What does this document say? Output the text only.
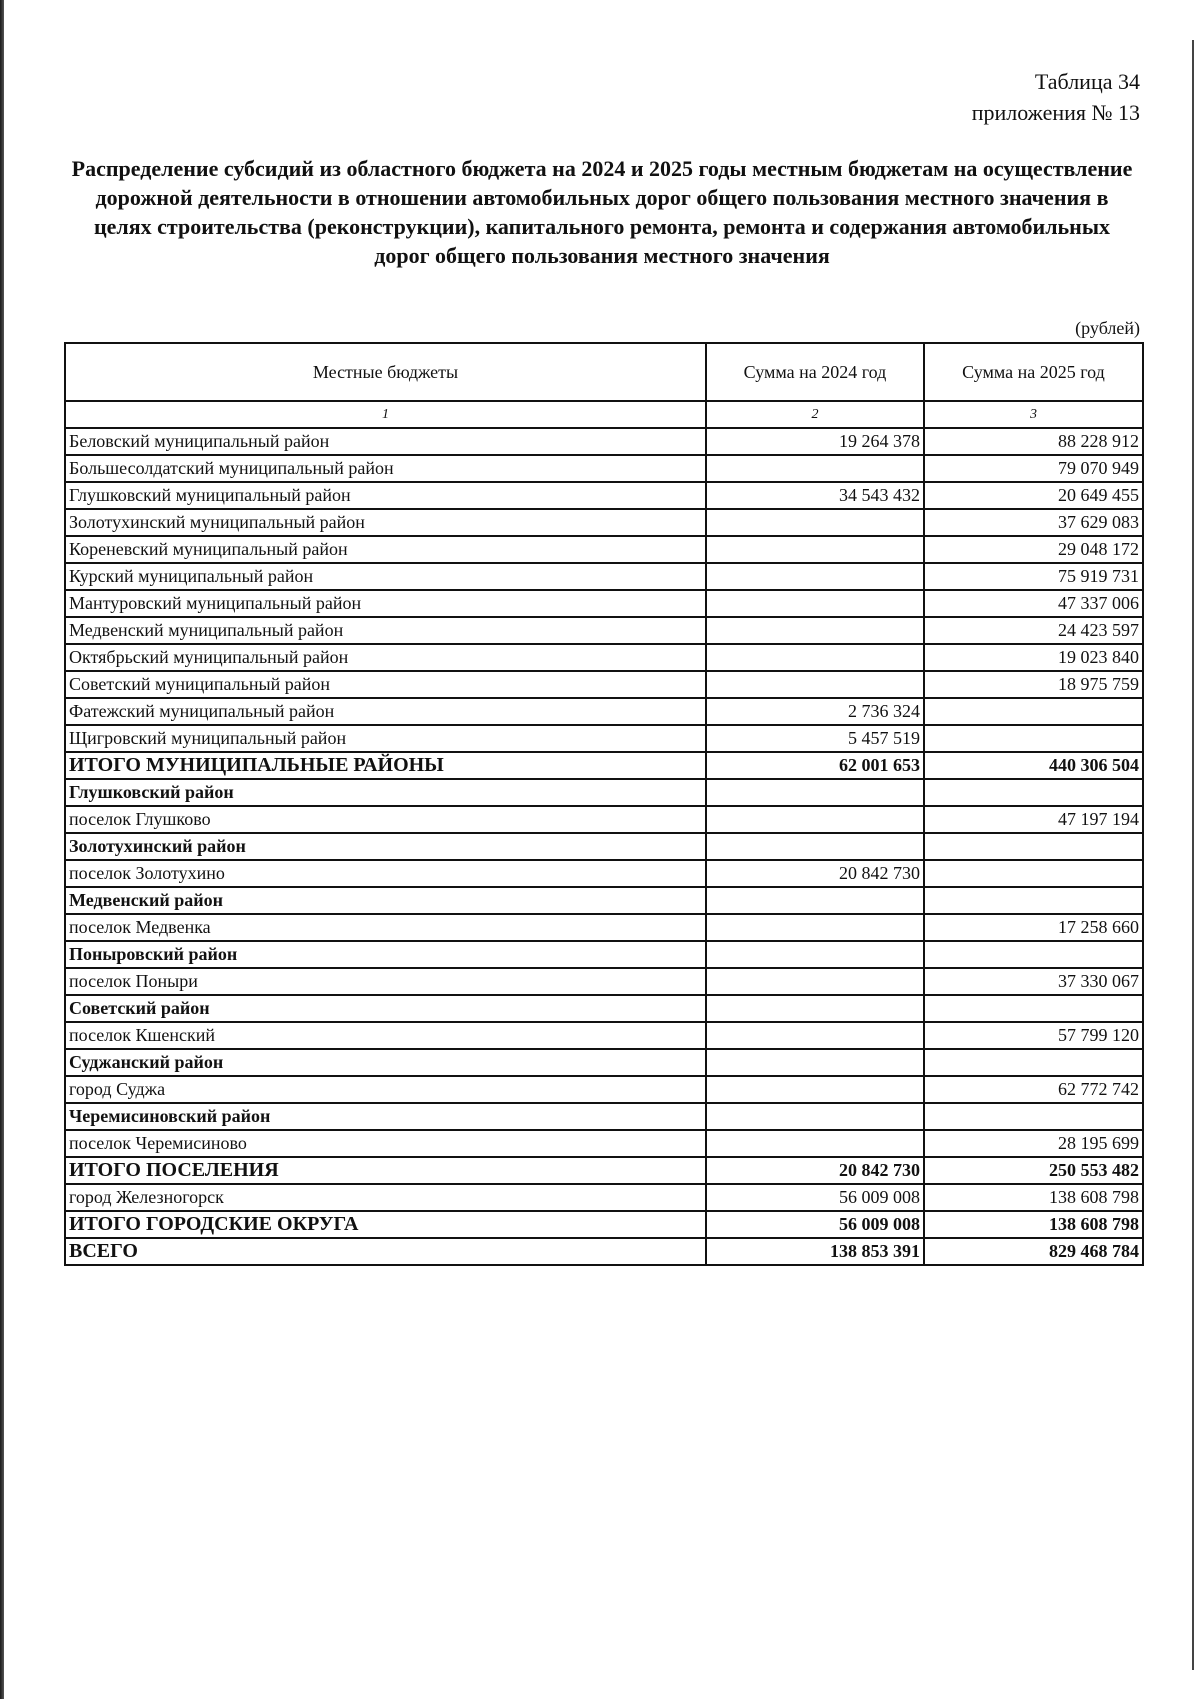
Таблица 34
приложения № 13
Распределение субсидий из областного бюджета на 2024 и 2025 годы местным бюджетам на осуществление дорожной деятельности в отношении автомобильных дорог общего пользования местного значения в целях строительства (реконструкции), капитального ремонта, ремонта и содержания автомобильных дорог общего пользования местного значения
(рублей)
Местные бюджеты	Сумма на 2024 год	Сумма на 2025 год
1	2	3
Беловский муниципальный район	19 264 378	88 228 912
Большесолдатский муниципальный район		79 070 949
Глушковский муниципальный район	34 543 432	20 649 455
Золотухинский муниципальный район		37 629 083
Кореневский муниципальный район		29 048 172
Курский муниципальный район		75 919 731
Мантуровский муниципальный район		47 337 006
Медвенский муниципальный район		24 423 597
Октябрьский муниципальный район		19 023 840
Советский муниципальный район		18 975 759
Фатежский муниципальный район	2 736 324	
Щигровский муниципальный район	5 457 519	
ИТОГО МУНИЦИПАЛЬНЫЕ РАЙОНЫ	62 001 653	440 306 504
Глушковский район		
поселок Глушково		47 197 194
Золотухинский район		
поселок Золотухино	20 842 730	
Медвенский район		
поселок Медвенка		17 258 660
Поныровский район		
поселок Поныри		37 330 067
Советский район		
поселок Кшенский		57 799 120
Суджанский район		
город Суджа		62 772 742
Черемисиновский район		
поселок Черемисиново		28 195 699
ИТОГО ПОСЕЛЕНИЯ	20 842 730	250 553 482
город Железногорск	56 009 008	138 608 798
ИТОГО ГОРОДСКИЕ ОКРУГА	56 009 008	138 608 798
ВСЕГО	138 853 391	829 468 784
